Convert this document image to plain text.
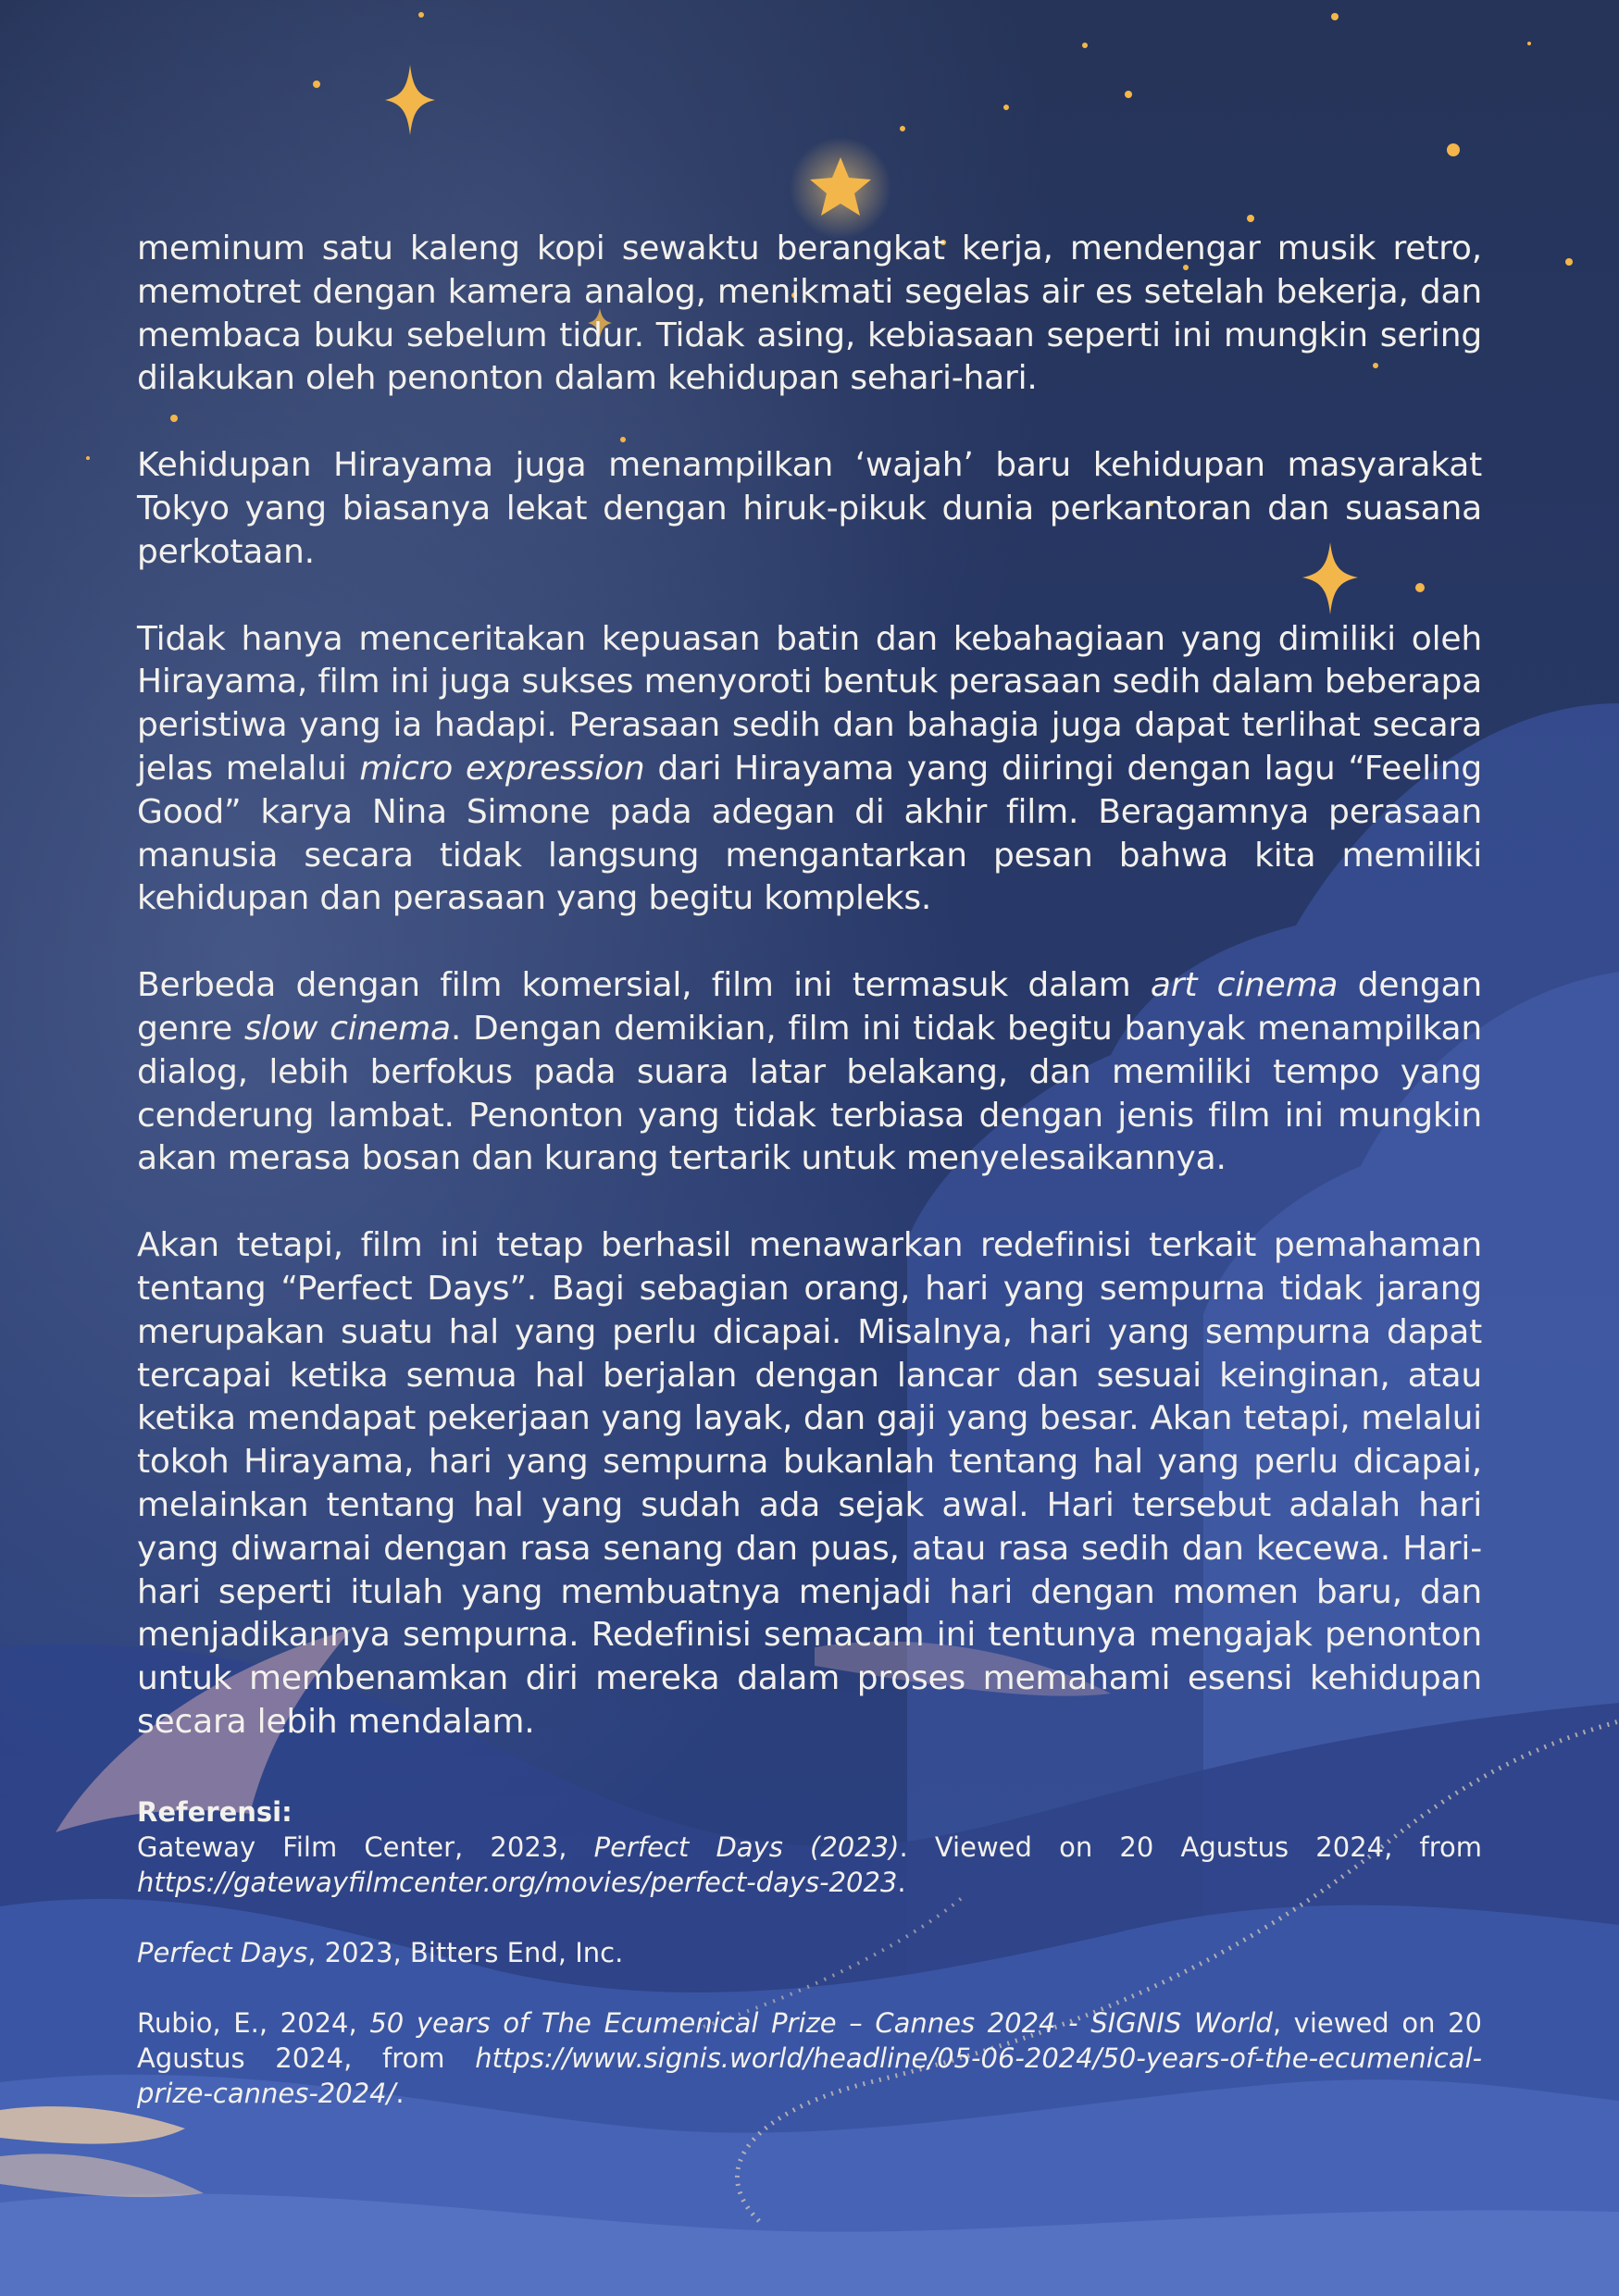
meminum satu kaleng kopi sewaktu berangkat kerja, mendengar musik retro, memotret dengan kamera analog, menikmati segelas air es setelah bekerja, dan membaca buku sebelum tidur. Tidak asing, kebiasaan seperti ini mungkin sering dilakukan oleh penonton dalam kehidupan sehari-hari.

Kehidupan Hirayama juga menampilkan ‘wajah’ baru kehidupan masyarakat Tokyo yang biasanya lekat dengan hiruk-pikuk dunia perkantoran dan suasana perkotaan.

Tidak hanya menceritakan kepuasan batin dan kebahagiaan yang dimiliki oleh Hirayama, film ini juga sukses menyoroti bentuk perasaan sedih dalam beberapa peristiwa yang ia hadapi. Perasaan sedih dan bahagia juga dapat terlihat secara jelas melalui micro expression dari Hirayama yang diiringi dengan lagu “Feeling Good” karya Nina Simone pada adegan di akhir film. Beragamnya perasaan manusia secara tidak langsung mengantarkan pesan bahwa kita memiliki kehidupan dan perasaan yang begitu kompleks.

Berbeda dengan film komersial, film ini termasuk dalam art cinema dengan genre slow cinema. Dengan demikian, film ini tidak begitu banyak menampilkan dialog, lebih berfokus pada suara latar belakang, dan memiliki tempo yang cenderung lambat. Penonton yang tidak terbiasa dengan jenis film ini mungkin akan merasa bosan dan kurang tertarik untuk menyelesaikannya.

Akan tetapi, film ini tetap berhasil menawarkan redefinisi terkait pemahaman tentang “Perfect Days”. Bagi sebagian orang, hari yang sempurna tidak jarang merupakan suatu hal yang perlu dicapai. Misalnya, hari yang sempurna dapat tercapai ketika semua hal berjalan dengan lancar dan sesuai keinginan, atau ketika mendapat pekerjaan yang layak, dan gaji yang besar. Akan tetapi, melalui tokoh Hirayama, hari yang sempurna bukanlah tentang hal yang perlu dicapai, melainkan tentang hal yang sudah ada sejak awal. Hari tersebut adalah hari yang diwarnai dengan rasa senang dan puas, atau rasa sedih dan kecewa. Hari-hari seperti itulah yang membuatnya menjadi hari dengan momen baru, dan menjadikannya sempurna. Redefinisi semacam ini tentunya mengajak penonton untuk membenamkan diri mereka dalam proses memahami esensi kehidupan secara lebih mendalam.

Referensi:

Gateway Film Center, 2023, Perfect Days (2023). Viewed on 20 Agustus 2024, from https://gatewayfilmcenter.org/movies/perfect-days-2023.

Perfect Days, 2023, Bitters End, Inc.

Rubio, E., 2024, 50 years of The Ecumenical Prize – Cannes 2024 - SIGNIS World, viewed on 20 Agustus 2024, from https://www.signis.world/headline/05-06-2024/50-years-of-the-ecumenical-prize-cannes-2024/.
